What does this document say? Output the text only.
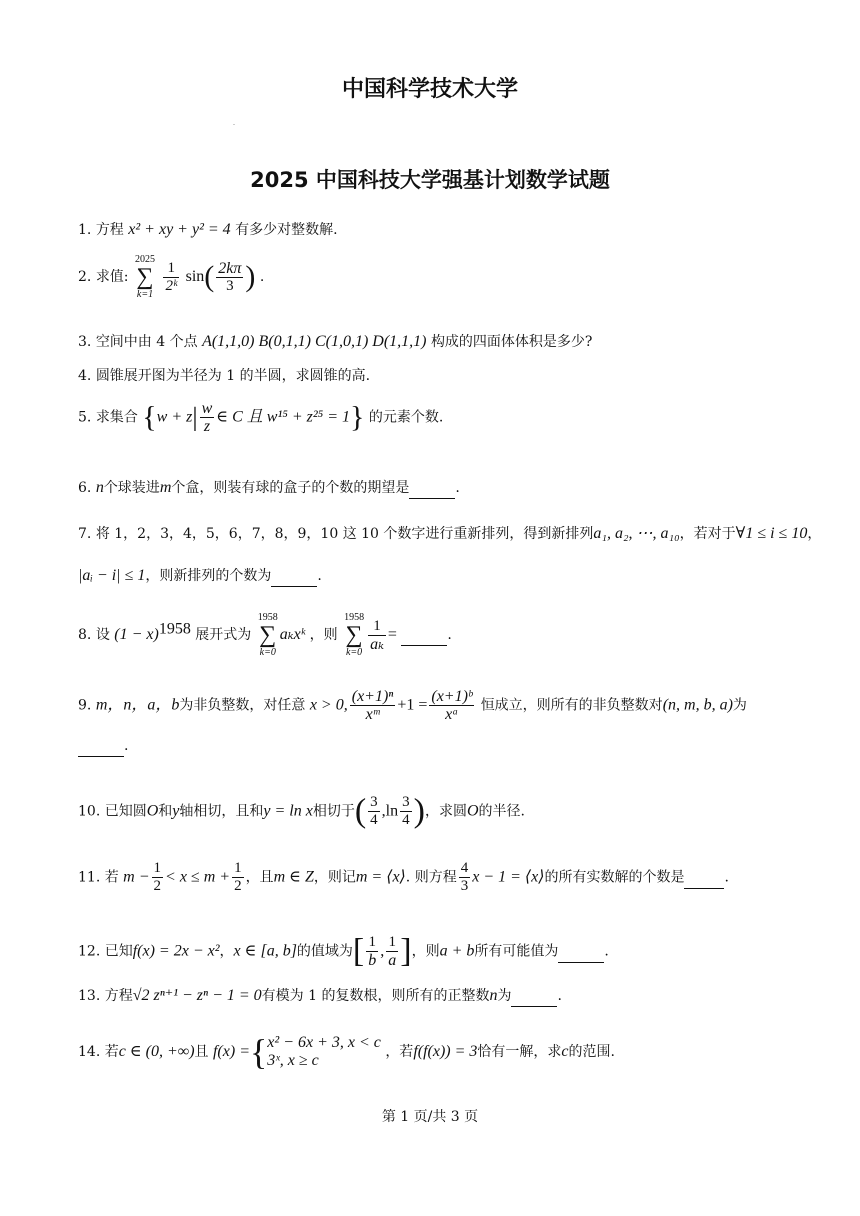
中国科学技术大学
2025 中国科技大学强基计划数学试题
1. 方程 x² + xy + y² = 4 有多少对整数解.
2. 求值:
2025
∑
k=1
$\frac{1}{\text{2ᵏ}} \sin( \frac{2k\pi}{3}$ ) .
3. 空间中由 4 个点 A(1,1,0) B(0,1,1) C(1,0,1) D(1,1,1) 构成的四面体体积是多少?
4. 圆锥展开图为半径为 1 的半圆，求圆锥的高.
5. 求集合 {$w + z| \frac{w}{z}$ ∈ C 且 w¹⁵ + z²⁵ = 1} 的元素个数.
6. n个球装进m个盒，则装有球的盒子的个数的期望是	.
7. 将 1，2，3，4，5，6，7，8，9，10 这 10 个数字进行重新排列，得到新排列a₁, a₂, ⋯, a₁₀，若对于∀1 ≤ i ≤ 10，
|aᵢ − i| ≤ 1，则新排列的个数为	.
8. 设 $(1 - x)^{1958}$ 展开式为
1958
∑
k=0
aₖxᵏ ，则
1958
∑
$k=0 \frac{1}{\text{aₖ}}$ =	.
9. m，n，a，b为非负整数，对任意 x > 0, $\frac{\text{(x+1)ⁿ}}{\text{xᵐ}} +1 = \frac{\text{(x+1)ᵇ}}{\text{xᵃ}}$ 恒成立，则所有的非负整数对(n, m, b, a)为
.
10. 已知圆O和y轴相切，且和y = ln x相切于( $\frac{3}{4} ,\ln \frac{3}{4}$ )，求圆O的半径.
11. 若 $m - \frac{1}{2} < x \le m + \frac{1}{2}$ ，且m ∈ Z，则记m = ⟨x⟩. 则方程 $\frac{4}{3}$ x − 1 = ⟨x⟩的所有实数解的个数是	.
12. 已知f(x) = 2x − x²，x ∈ [a, b]的值域为[ $\frac{1}{b}$ , $\frac{1}{a}$ ]，则a + b所有可能值为	.
13. 方程√2 zⁿ⁺¹ − zⁿ − 1 = 0有模为 1 的复数根，则所有的正整数n为	.
14. 若c ∈ (0, +∞)且 f(x) ={ x² − 6x + 3, x < c
3ˣ, x ≥ c	，若f(f(x)) = 3恰有一解，求c的范围.
第 1 页/共 3 页
